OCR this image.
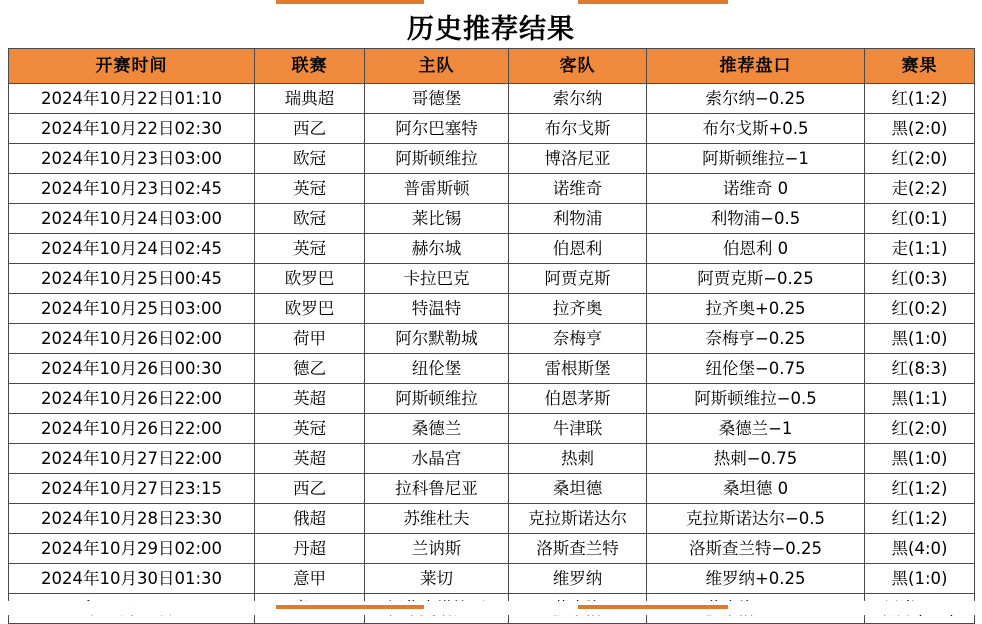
历史推荐结果
开赛时间	联赛	主队	客队	推荐盘口	赛果
2024年10月22日01:10	瑞典超	哥德堡	索尔纳	索尔纳−0.25	红(1:2)
2024年10月22日02:30	西乙	阿尔巴塞特	布尔戈斯	布尔戈斯+0.5	黑(2:0)
2024年10月23日03:00	欧冠	阿斯顿维拉	博洛尼亚	阿斯顿维拉−1	红(2:0)
2024年10月23日02:45	英冠	普雷斯顿	诺维奇	诺维奇 0	走(2:2)
2024年10月24日03:00	欧冠	莱比锡	利物浦	利物浦−0.5	红(0:1)
2024年10月24日02:45	英冠	赫尔城	伯恩利	伯恩利 0	走(1:1)
2024年10月25日00:45	欧罗巴	卡拉巴克	阿贾克斯	阿贾克斯−0.25	红(0:3)
2024年10月25日03:00	欧罗巴	特温特	拉齐奥	拉齐奥+0.25	红(0:2)
2024年10月26日02:00	荷甲	阿尔默勒城	奈梅亨	奈梅亨−0.25	黑(1:0)
2024年10月26日00:30	德乙	纽伦堡	雷根斯堡	纽伦堡−0.75	红(8:3)
2024年10月26日22:00	英超	阿斯顿维拉	伯恩茅斯	阿斯顿维拉−0.5	黑(1:1)
2024年10月26日22:00	英冠	桑德兰	牛津联	桑德兰−1	红(2:0)
2024年10月27日22:00	英超	水晶宫	热刺	热刺−0.75	黑(1:0)
2024年10月27日23:15	西乙	拉科鲁尼亚	桑坦德	桑坦德 0	红(1:2)
2024年10月28日23:30	俄超	苏维杜夫	克拉斯诺达尔	克拉斯诺达尔−0.5	红(1:2)
2024年10月29日02:00	丹超	兰讷斯	洛斯查兰特	洛斯查兰特−0.25	黑(4:0)
2024年10月30日01:30	意甲	莱切	维罗纳	维罗纳+0.25	黑(1:0)
